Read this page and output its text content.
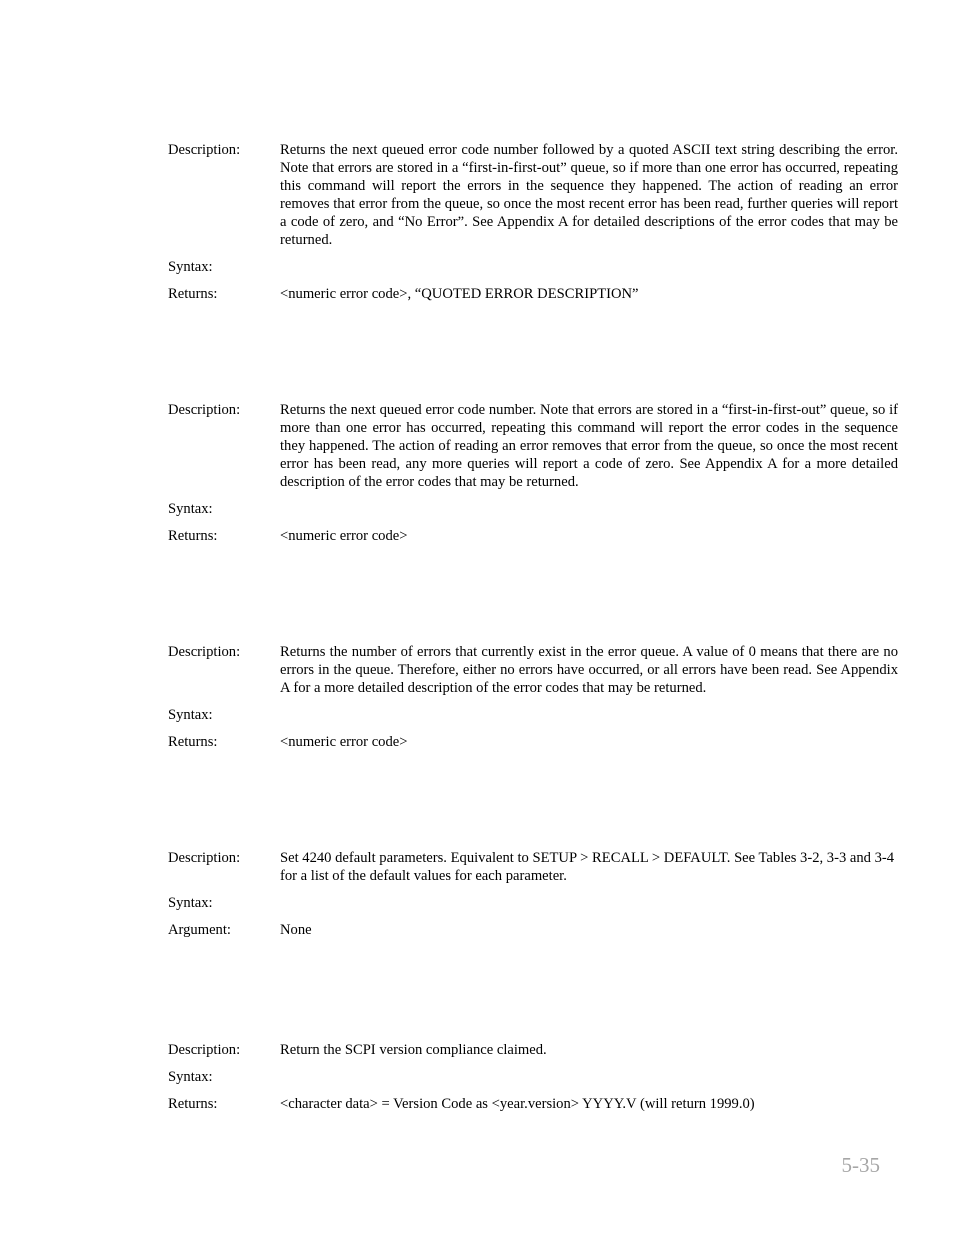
Description:	Returns the next queued error code number followed by a quoted ASCII text string describing the error. Note that errors are stored in a “first-in-first-out” queue, so if more than one error has occurred, repeating this command will report the errors in the sequence they happened. The action of reading an error removes that error from the queue, so once the most recent error has been read, further queries will report a code of zero, and “No Error”. See Appendix A for detailed descriptions of the error codes that may be returned.
Syntax:
Returns:	<numeric error code>, “QUOTED ERROR DESCRIPTION”
Description:	Returns the next queued error code number. Note that errors are stored in a “first-in-first-out” queue, so if more than one error has occurred, repeating this command will report the error codes in the sequence they happened. The action of reading an error removes that error from the queue, so once the most recent error has been read, any more queries will report a code of zero. See Appendix A for a more detailed description of the error codes that may be returned.
Syntax:
Returns:	<numeric error code>
Description:	Returns the number of errors that currently exist in the error queue. A value of 0 means that there are no errors in the queue. Therefore, either no errors have occurred, or all errors have been read. See Appendix A for a more detailed description of the error codes that may be returned.
Syntax:
Returns:	<numeric error code>
Description:	Set 4240 default parameters. Equivalent to SETUP > RECALL > DEFAULT. See Tables 3-2, 3-3 and 3-4 for a list of the default values for each parameter.
Syntax:
Argument:	None
Description:	Return the SCPI version compliance claimed.
Syntax:
Returns:	<character data> = Version Code as <year.version> YYYY.V (will return 1999.0)
5-35
